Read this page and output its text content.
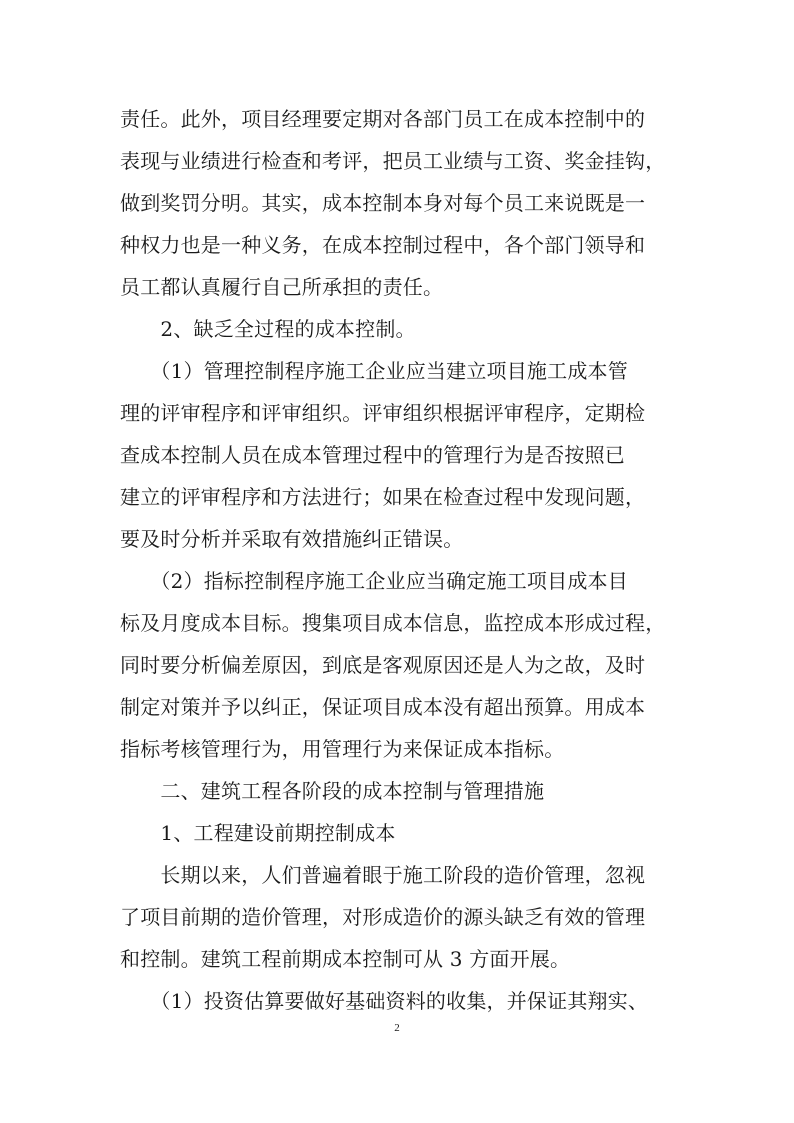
责任。此外，项目经理要定期对各部门员工在成本控制中的
表现与业绩进行检查和考评，把员工业绩与工资、奖金挂钩，
做到奖罚分明。其实，成本控制本身对每个员工来说既是一
种权力也是一种义务，在成本控制过程中，各个部门领导和
员工都认真履行自己所承担的责任。
　　2、缺乏全过程的成本控制。
　　（1）管理控制程序施工企业应当建立项目施工成本管
理的评审程序和评审组织。评审组织根据评审程序，定期检
查成本控制人员在成本管理过程中的管理行为是否按照已
建立的评审程序和方法进行；如果在检查过程中发现问题，
要及时分析并采取有效措施纠正错误。
　　（2）指标控制程序施工企业应当确定施工项目成本目
标及月度成本目标。搜集项目成本信息，监控成本形成过程，
同时要分析偏差原因，到底是客观原因还是人为之故，及时
制定对策并予以纠正，保证项目成本没有超出预算。用成本
指标考核管理行为，用管理行为来保证成本指标。
　　二、建筑工程各阶段的成本控制与管理措施
　　1、工程建设前期控制成本
　　长期以来，人们普遍着眼于施工阶段的造价管理，忽视
了项目前期的造价管理，对形成造价的源头缺乏有效的管理
和控制。建筑工程前期成本控制可从 3 方面开展。
　　（1）投资估算要做好基础资料的收集，并保证其翔实、
2
